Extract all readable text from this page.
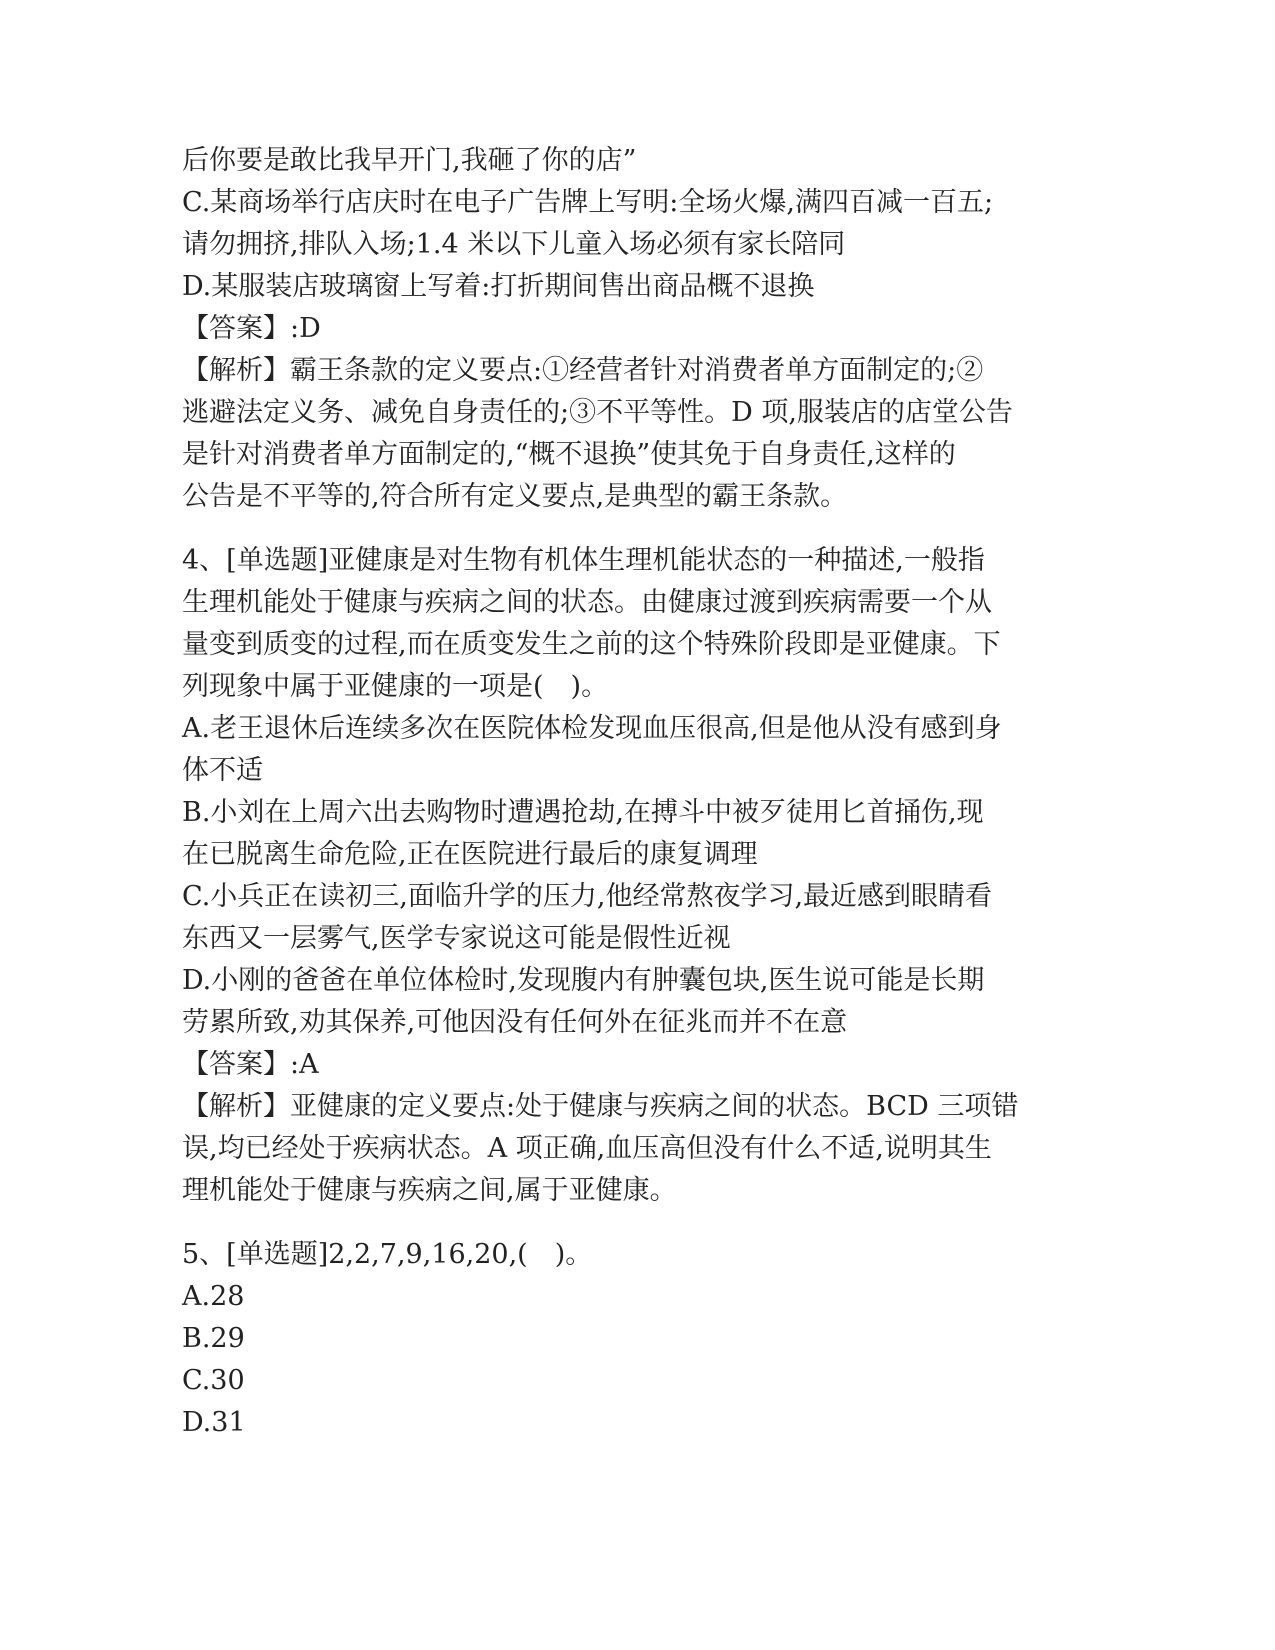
后你要是敢比我早开门,我砸了你的店”
C.某商场举行店庆时在电子广告牌上写明:全场火爆,满四百减一百五;
请勿拥挤,排队入场;1.4 米以下儿童入场必须有家长陪同
D.某服装店玻璃窗上写着:打折期间售出商品概不退换
【答案】:D
【解析】霸王条款的定义要点:①经营者针对消费者单方面制定的;②
逃避法定义务、减免自身责任的;③不平等性。D 项,服装店的店堂公告
是针对消费者单方面制定的,“概不退换”使其免于自身责任,这样的
公告是不平等的,符合所有定义要点,是典型的霸王条款。
4、[单选题]亚健康是对生物有机体生理机能状态的一种描述,一般指
生理机能处于健康与疾病之间的状态。由健康过渡到疾病需要一个从
量变到质变的过程,而在质变发生之前的这个特殊阶段即是亚健康。下
列现象中属于亚健康的一项是(　)。
A.老王退休后连续多次在医院体检发现血压很高,但是他从没有感到身
体不适
B.小刘在上周六出去购物时遭遇抢劫,在搏斗中被歹徒用匕首捅伤,现
在已脱离生命危险,正在医院进行最后的康复调理
C.小兵正在读初三,面临升学的压力,他经常熬夜学习,最近感到眼睛看
东西又一层雾气,医学专家说这可能是假性近视
D.小刚的爸爸在单位体检时,发现腹内有肿囊包块,医生说可能是长期
劳累所致,劝其保养,可他因没有任何外在征兆而并不在意
【答案】:A
【解析】亚健康的定义要点:处于健康与疾病之间的状态。BCD 三项错
误,均已经处于疾病状态。A 项正确,血压高但没有什么不适,说明其生
理机能处于健康与疾病之间,属于亚健康。
5、[单选题]2,2,7,9,16,20,(　)。
A.28
B.29
C.30
D.31
